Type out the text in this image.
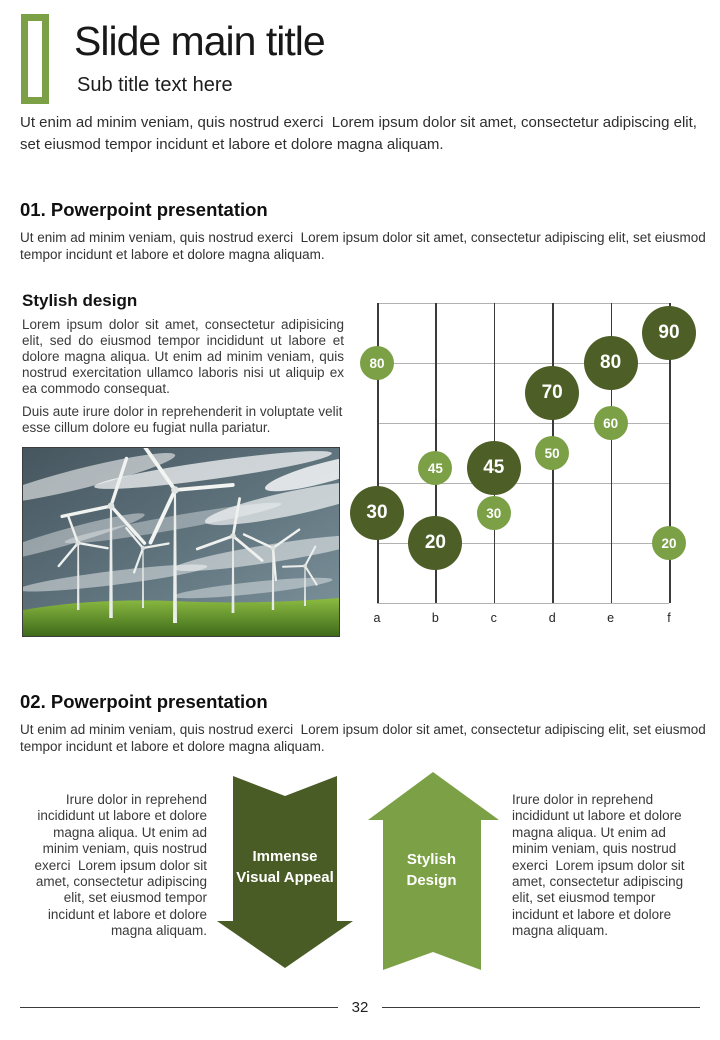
Slide main title
Sub title text here
Ut enim ad minim veniam, quis nostrud exerci  Lorem ipsum dolor sit amet, consectetur adipiscing elit, set eiusmod tempor incidunt et labore et dolore magna aliquam.
01. Powerpoint presentation
Ut enim ad minim veniam, quis nostrud exerci  Lorem ipsum dolor sit amet, consectetur adipiscing elit, set eiusmod tempor incidunt et labore et dolore magna aliquam.
Stylish design

Lorem ipsum dolor sit amet, consectetur adipisicing elit, sed do eiusmod tempor incididunt ut labore et dolore magna aliqua. Ut enim ad minim veniam, quis nostrud exercitation ullamco laboris nisi ut aliquip ex ea commodo consequat.

Duis aute irure dolor in reprehenderit in voluptate velit esse cillum dolore eu fugiat nulla pariatur.

a	b	c	d	e	f
30
20
45
70
80
90
80
45
30
50
60
20
02. Powerpoint presentation
Ut enim ad minim veniam, quis nostrud exerci  Lorem ipsum dolor sit amet, consectetur adipiscing elit, set eiusmod tempor incidunt et labore et dolore magna aliquam.
Irure dolor in reprehend incididunt ut labore et dolore magna aliqua. Ut enim ad minim veniam, quis nostrud exerci  Lorem ipsum dolor sit amet, consectetur adipiscing elit, set eiusmod tempor incidunt et labore et dolore magna aliquam.
Immense
Visual Appeal
Stylish
Design
Irure dolor in reprehend incididunt ut labore et dolore magna aliqua. Ut enim ad minim veniam, quis nostrud exerci  Lorem ipsum dolor sit amet, consectetur adipiscing elit, set eiusmod tempor incidunt et labore et dolore magna aliquam.
32
